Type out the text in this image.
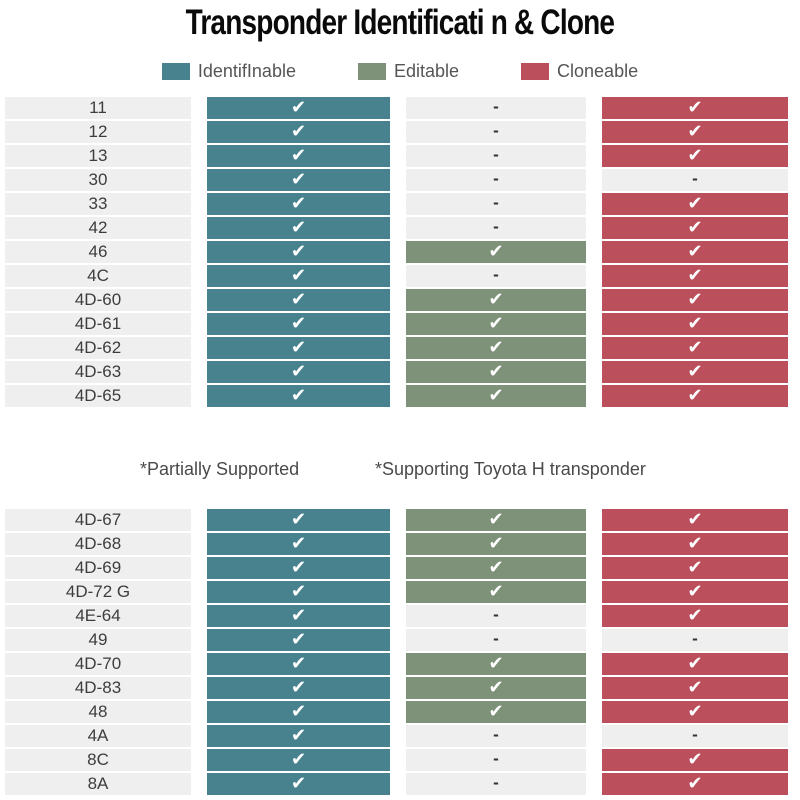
Transponder Identificati n & Clone
IdentifInable	Editable	Cloneable
11	✔	-	✔
12	✔	-	✔
13	✔	-	✔
30	✔	-	-
33	✔	-	✔
42	✔	-	✔
46	✔	✔	✔
4C	✔	-	✔
4D-60	✔	✔	✔
4D-61	✔	✔	✔
4D-62	✔	✔	✔
4D-63	✔	✔	✔
4D-65	✔	✔	✔
*Partially Supported	*Supporting Toyota H transponder
4D-67	✔	✔	✔
4D-68	✔	✔	✔
4D-69	✔	✔	✔
4D-72 G	✔	✔	✔
4E-64	✔	-	✔
49	✔	-	-
4D-70	✔	✔	✔
4D-83	✔	✔	✔
48	✔	✔	✔
4A	✔	-	-
8C	✔	-	✔
8A	✔	-	✔
